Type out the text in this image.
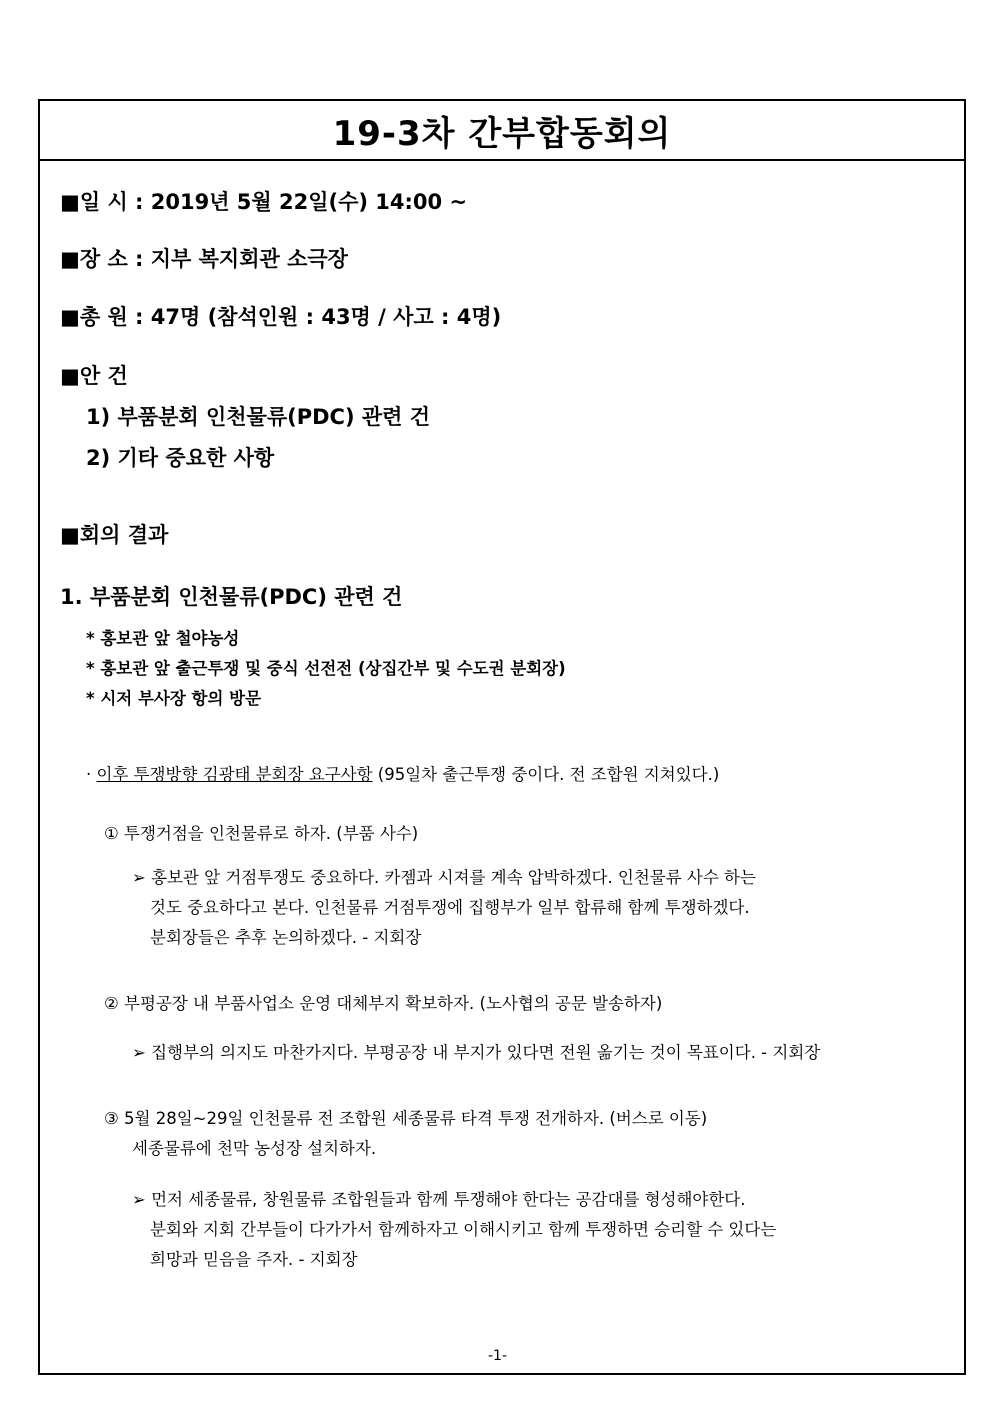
19-3차 간부합동회의
■일 시 : 2019년 5월 22일(수) 14:00 ~
■장 소 : 지부 복지회관 소극장
■총 원 : 47명 (참석인원 : 43명 / 사고 : 4명)
■안 건
1) 부품분회 인천물류(PDC) 관련 건
2) 기타 중요한 사항
■회의 결과
1. 부품분회 인천물류(PDC) 관련 건
* 홍보관 앞 철야농성
* 홍보관 앞 출근투쟁 및 중식 선전전 (상집간부 및 수도권 분회장)
* 시저 부사장 항의 방문
· 이후 투쟁방향 김광태 분회장 요구사항 (95일차 출근투쟁 중이다. 전 조합원 지쳐있다.)
① 투쟁거점을 인천물류로 하자. (부품 사수)
➢ 홍보관 앞 거점투쟁도 중요하다. 카젬과 시져를 계속 압박하겠다. 인천물류 사수 하는
것도 중요하다고 본다. 인천물류 거점투쟁에 집행부가 일부 합류해 함께 투쟁하겠다.
분회장들은 추후 논의하겠다. - 지회장
② 부평공장 내 부품사업소 운영 대체부지 확보하자. (노사협의 공문 발송하자)
➢ 집행부의 의지도 마찬가지다. 부평공장 내 부지가 있다면 전원 옮기는 것이 목표이다. - 지회장
③ 5월 28일~29일 인천물류 전 조합원 세종물류 타격 투쟁 전개하자. (버스로 이동)
세종물류에 천막 농성장 설치하자.
➢ 먼저 세종물류, 창원물류 조합원들과 함께 투쟁해야 한다는 공감대를 형성해야한다.
분회와 지회 간부들이 다가가서 함께하자고 이해시키고 함께 투쟁하면 승리할 수 있다는
희망과 믿음을 주자. - 지회장
-1-
